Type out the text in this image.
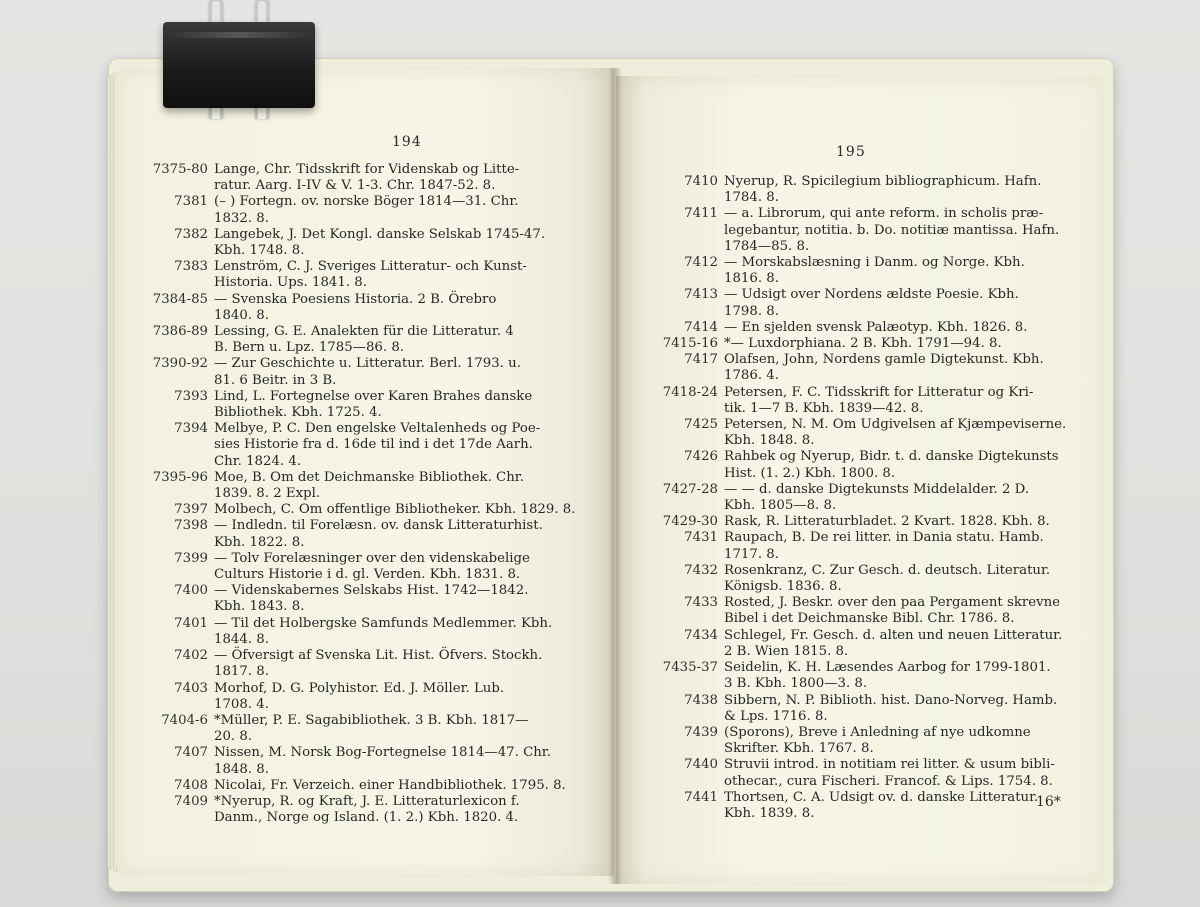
194
7375-80 Lange, Chr. Tidsskrift for Videnskab og Litte-
ratur. Aarg. I-IV & V. 1-3. Chr. 1847-52. 8.
7381 (– ) Fortegn. ov. norske Böger 1814—31. Chr.
1832. 8.
7382 Langebek, J. Det Kongl. danske Selskab 1745-47.
Kbh. 1748. 8.
7383 Lenström, C. J. Sveriges Litteratur- och Kunst-
Historia. Ups. 1841. 8.
7384-85 — Svenska Poesiens Historia. 2 B. Örebro
1840. 8.
7386-89 Lessing, G. E. Analekten für die Litteratur. 4
B. Bern u. Lpz. 1785—86. 8.
7390-92 — Zur Geschichte u. Litteratur. Berl. 1793. u.
81. 6 Beitr. in 3 B.
7393 Lind, L. Fortegnelse over Karen Brahes danske
Bibliothek. Kbh. 1725. 4.
7394 Melbye, P. C. Den engelske Veltalenheds og Poe-
sies Historie fra d. 16de til ind i det 17de Aarh.
Chr. 1824. 4.
7395-96 Moe, B. Om det Deichmanske Bibliothek. Chr.
1839. 8. 2 Expl.
7397 Molbech, C. Om offentlige Bibliotheker. Kbh. 1829. 8.
7398 — Indledn. til Forelæsn. ov. dansk Litteraturhist.
Kbh. 1822. 8.
7399 — Tolv Forelæsninger over den videnskabelige
Culturs Historie i d. gl. Verden. Kbh. 1831. 8.
7400 — Videnskabernes Selskabs Hist. 1742—1842.
Kbh. 1843. 8.
7401 — Til det Holbergske Samfunds Medlemmer. Kbh.
1844. 8.
7402 — Öfversigt af Svenska Lit. Hist. Öfvers. Stockh.
1817. 8.
7403 Morhof, D. G. Polyhistor. Ed. J. Möller. Lub.
1708. 4.
7404-6 *Müller, P. E. Sagabibliothek. 3 B. Kbh. 1817—
20. 8.
7407 Nissen, M. Norsk Bog-Fortegnelse 1814—47. Chr.
1848. 8.
7408 Nicolai, Fr. Verzeich. einer Handbibliothek. 1795. 8.
7409 *Nyerup, R. og Kraft, J. E. Litteraturlexicon f.
Danm., Norge og Island. (1. 2.) Kbh. 1820. 4.
195
7410 Nyerup, R. Spicilegium bibliographicum. Hafn.
1784. 8.
7411 — a. Librorum, qui ante reform. in scholis præ-
legebantur, notitia. b. Do. notitiæ mantissa. Hafn.
1784—85. 8.
7412 — Morskabslæsning i Danm. og Norge. Kbh.
1816. 8.
7413 — Udsigt over Nordens ældste Poesie. Kbh.
1798. 8.
7414 — En sjelden svensk Palæotyp. Kbh. 1826. 8.
7415-16 *— Luxdorphiana. 2 B. Kbh. 1791—94. 8.
7417 Olafsen, John, Nordens gamle Digtekunst. Kbh.
1786. 4.
7418-24 Petersen, F. C. Tidsskrift for Litteratur og Kri-
tik. 1—7 B. Kbh. 1839—42. 8.
7425 Petersen, N. M. Om Udgivelsen af Kjæmpeviserne.
Kbh. 1848. 8.
7426 Rahbek og Nyerup, Bidr. t. d. danske Digtekunsts
Hist. (1. 2.) Kbh. 1800. 8.
7427-28 — — d. danske Digtekunsts Middelalder. 2 D.
Kbh. 1805—8. 8.
7429-30 Rask, R. Litteraturbladet. 2 Kvart. 1828. Kbh. 8.
7431 Raupach, B. De rei litter. in Dania statu. Hamb.
1717. 8.
7432 Rosenkranz, C. Zur Gesch. d. deutsch. Literatur.
Königsb. 1836. 8.
7433 Rosted, J. Beskr. over den paa Pergament skrevne
Bibel i det Deichmanske Bibl. Chr. 1786. 8.
7434 Schlegel, Fr. Gesch. d. alten und neuen Litteratur.
2 B. Wien 1815. 8.
7435-37 Seidelin, K. H. Læsendes Aarbog for 1799-1801.
3 B. Kbh. 1800—3. 8.
7438 Sibbern, N. P. Biblioth. hist. Dano-Norveg. Hamb.
& Lps. 1716. 8.
7439 (Sporons), Breve i Anledning af nye udkomne
Skrifter. Kbh. 1767. 8.
7440 Struvii introd. in notitiam rei litter. & usum bibli-
othecar., cura Fischeri. Francof. & Lips. 1754. 8.
7441 Thortsen, C. A. Udsigt ov. d. danske Litteratur.
Kbh. 1839. 8.
16*
